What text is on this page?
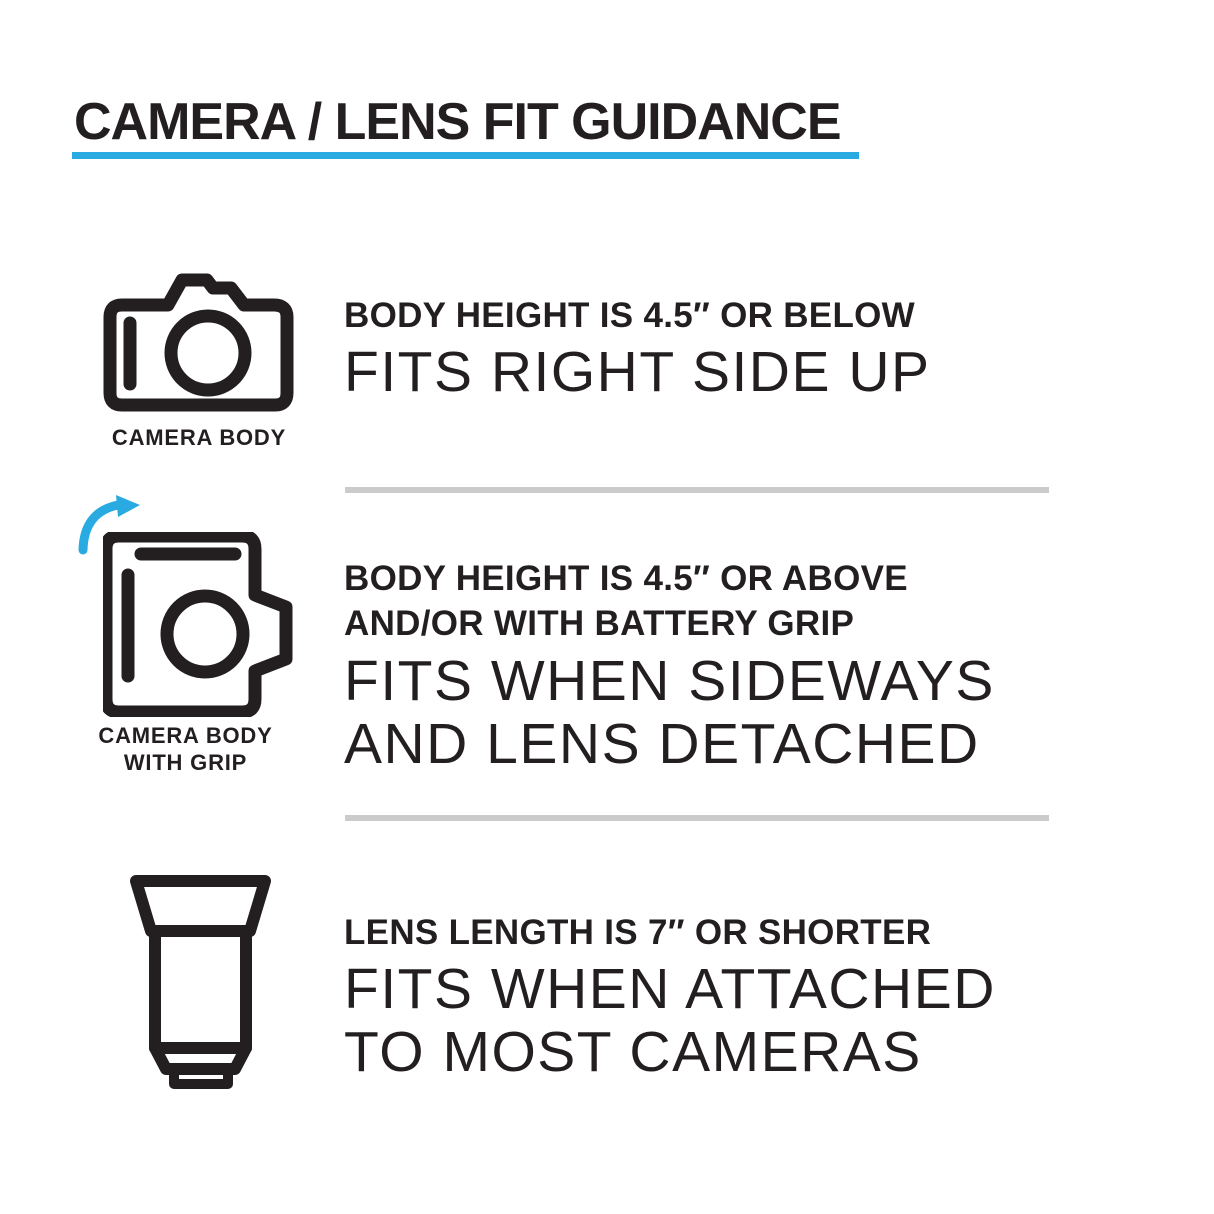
CAMERA / LENS FIT GUIDANCE
CAMERA BODY
BODY HEIGHT IS 4.5″ OR BELOW
FITS RIGHT SIDE UP
CAMERA BODY
WITH GRIP
BODY HEIGHT IS 4.5″ OR ABOVE
AND/OR WITH BATTERY GRIP
FITS WHEN SIDEWAYS
AND LENS DETACHED
LENS LENGTH IS 7″ OR SHORTER
FITS WHEN ATTACHED
TO MOST CAMERAS
